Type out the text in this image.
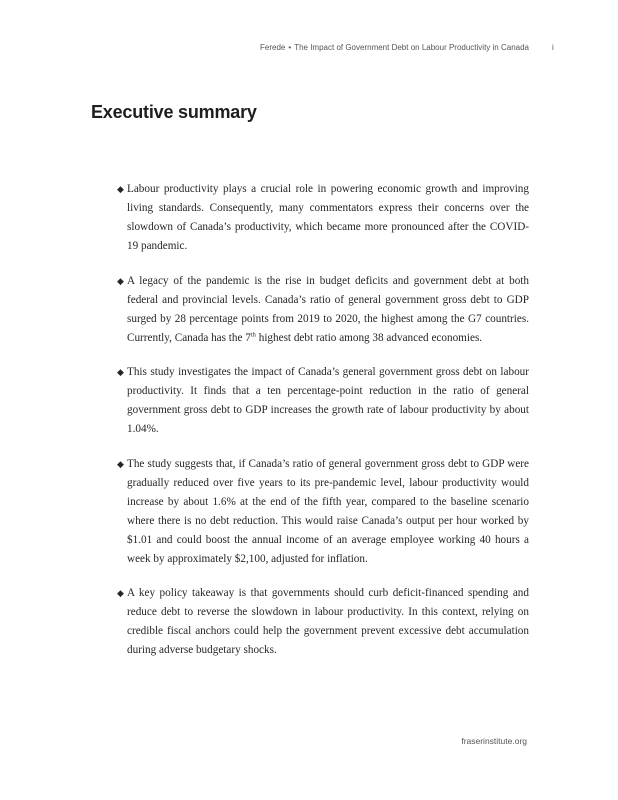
Ferede • The Impact of Government Debt on Labour Productivity in Canada	i
Executive summary
◆ Labour productivity plays a crucial role in powering economic growth and improving living standards. Consequently, many commentators express their concerns over the slowdown of Canada’s productivity, which became more pronounced after the COVID-19 pandemic.
◆ A legacy of the pandemic is the rise in budget deficits and government debt at both federal and provincial levels. Canada’s ratio of general government gross debt to GDP surged by 28 percentage points from 2019 to 2020, the highest among the G7 countries. Currently, Canada has the 7th highest debt ratio among 38 advanced economies.
◆ This study investigates the impact of Canada’s general government gross debt on labour productivity. It finds that a ten percentage-point reduction in the ratio of general government gross debt to GDP increases the growth rate of labour productivity by about 1.04%.
◆ The study suggests that, if Canada’s ratio of general government gross debt to GDP were gradually reduced over five years to its pre-pandemic level, labour productivity would increase by about 1.6% at the end of the fifth year, compared to the baseline scenario where there is no debt reduction. This would raise Canada’s output per hour worked by $1.01 and could boost the annual income of an average employee working 40 hours a week by approximately $2,100, adjusted for inflation.
◆ A key policy takeaway is that governments should curb deficit-financed spending and reduce debt to reverse the slowdown in labour productivity. In this context, relying on credible fiscal anchors could help the government prevent excessive debt accumulation during adverse budgetary shocks.
fraserinstitute.org
